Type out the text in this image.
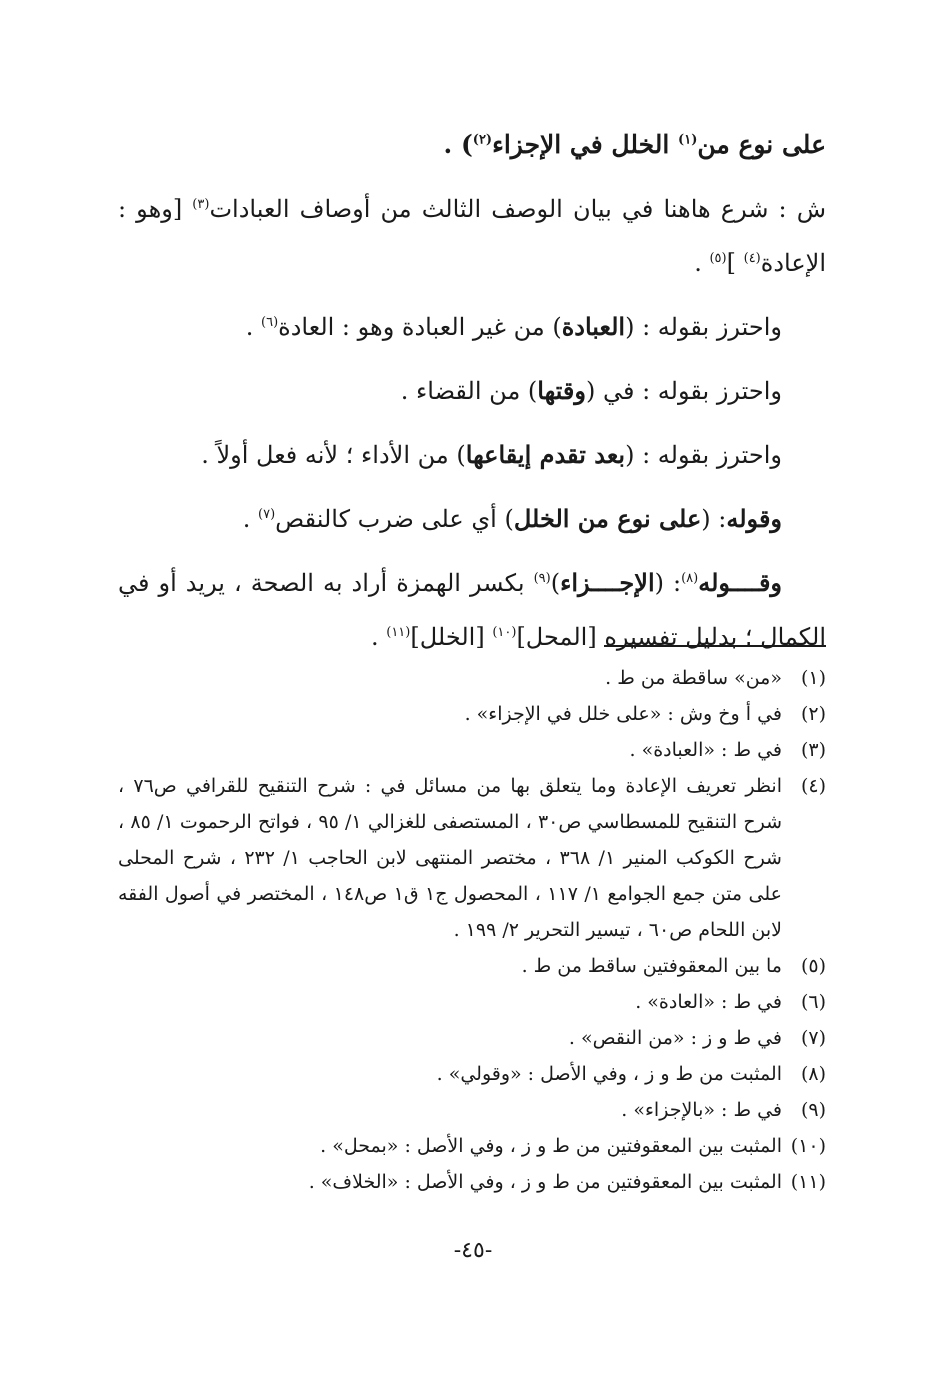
على نوع من$^{(١)}$ الخلل في الإجزاء$^{(٢)}$) .

ش : شرع هاهنا في بيان الوصف الثالث من أوصاف العبادات$^{(٣)}$ [وهو : الإعادة$^{(٤)}$ ]$^{(٥)}$ .

واحترز بقوله : (العبادة) من غير العبادة وهو : العادة$^{(٦)}$ .

واحترز بقوله : في (وقتها) من القضاء .

واحترز بقوله : (بعد تقدم إيقاعها) من الأداء ؛ لأنه فعل أولاً .

وقوله: (على نوع من الخلل) أي على ضرب كالنقص$^{(٧)}$ .

وقــــوله$^{(٨)}$: (الإجــــزاء)$^{(٩)}$ بكسر الهمزة أراد به الصحة ، يريد أو في الكمال ؛ بدليل تفسيره [المحل]$^{(١٠)}$ [الخلل]$^{(١١)}$ .

(١)
«من» ساقطة من ط .

(٢)
في أ وخ وش : «على خلل في الإجزاء» .

(٣)
في ط : «العبادة» .

(٤)
انظر تعريف الإعادة وما يتعلق بها من مسائل في : شرح التنقيح للقرافي ص٧٦ ، شرح التنقيح للمسطاسي ص٣٠ ، المستصفى للغزالي ١/ ٩٥ ، فواتح الرحموت ١/ ٨٥ ، شرح الكوكب المنير ١/ ٣٦٨ ، مختصر المنتهى لابن الحاجب ١/ ٢٣٢ ، شرح المحلى على متن جمع الجوامع ١/ ١١٧ ، المحصول ج١ ق١ ص١٤٨ ، المختصر في أصول الفقه لابن اللحام ص٦٠ ، تيسير التحرير ٢/ ١٩٩ .

(٥)
ما بين المعقوفتين ساقط من ط .

(٦)
في ط : «العادة» .

(٧)
في ط و ز : «من النقص» .

(٨)
المثبت من ط و ز ، وفي الأصل : «وقولي» .

(٩)
في ط : «بالإجزاء» .

(١٠)
المثبت بين المعقوفتين من ط و ز ، وفي الأصل : «بمحل» .

(١١)
المثبت بين المعقوفتين من ط و ز ، وفي الأصل : «الخلاف» .

-٤٥-
